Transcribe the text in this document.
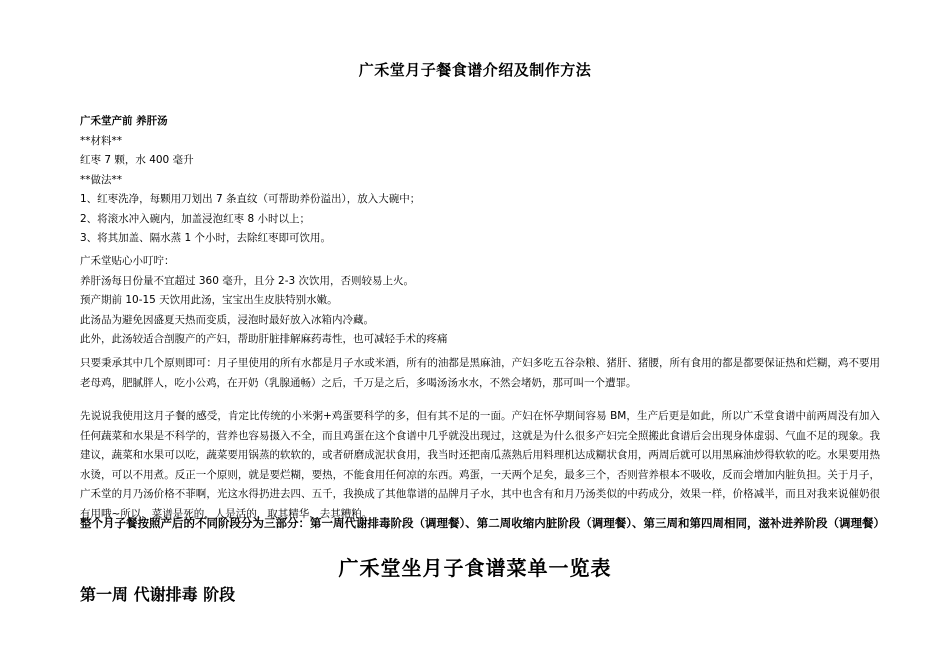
广禾堂月子餐食谱介绍及制作方法
广禾堂产前 养肝汤
**材料**
红枣 7 颗，水 400 毫升
**做法**
1、红枣洗净，每颗用刀划出 7 条直纹（可帮助养份溢出），放入大碗中；
2、将滚水冲入碗内，加盖浸泡红枣 8 小时以上；
3、将其加盖、隔水蒸 1 个小时，去除红枣即可饮用。
广禾堂贴心小叮咛：
养肝汤每日份量不宜超过 360 毫升，且分 2-3 次饮用，否则较易上火。
预产期前 10-15 天饮用此汤，宝宝出生皮肤特别水嫩。
此汤品为避免因盛夏天热而变质，浸泡时最好放入冰箱内冷藏。
此外，此汤较适合剖腹产的产妇，帮助肝脏排解麻药毒性，也可减轻手术的疼痛
只要秉承其中几个原则即可：月子里使用的所有水都是月子水或米酒，所有的油都是黑麻油，产妇多吃五谷杂粮、猪肝、猪腰，所有食用的都是都要保证热和烂糊，鸡不要用老母鸡，肥腻胖人，吃小公鸡，在开奶（乳腺通畅）之后，千万是之后，多喝汤汤水水，不然会堵奶，那可叫一个遭罪。
先说说我使用这月子餐的感受，肯定比传统的小米粥+鸡蛋要科学的多，但有其不足的一面。产妇在怀孕期间容易 BM，生产后更是如此，所以广禾堂食谱中前两周没有加入任何蔬菜和水果是不科学的，营养也容易摄入不全，而且鸡蛋在这个食谱中几乎就没出现过，这就是为什么很多产妇完全照搬此食谱后会出现身体虚弱、气血不足的现象。我建议，蔬菜和水果可以吃，蔬菜要用锅蒸的软软的，或者研磨成泥状食用，我当时还把南瓜蒸熟后用料理机达成糊状食用，两周后就可以用黑麻油炒得软软的吃。水果要用热水烫，可以不用煮。反正一个原则，就是要烂糊，要热，不能食用任何凉的东西。鸡蛋，一天两个足矣，最多三个，否则营养根本不吸收，反而会增加内脏负担。关于月子，广禾堂的月乃汤价格不菲啊，光这水得扔进去四、五千，我换成了其他靠谱的品牌月子水，其中也含有和月乃汤类似的中药成分，效果一样，价格减半，而且对我来说催奶很有用哦~所以，菜谱是死的，人是活的，取其精华，去其糟粕。
整个月子餐按照产后的不同阶段分为三部分：第一周代谢排毒阶段（调理餐）、第二周收缩内脏阶段（调理餐）、第三周和第四周相同，滋补进养阶段（调理餐）
广禾堂坐月子食谱菜单一览表
第一周 代谢排毒 阶段
